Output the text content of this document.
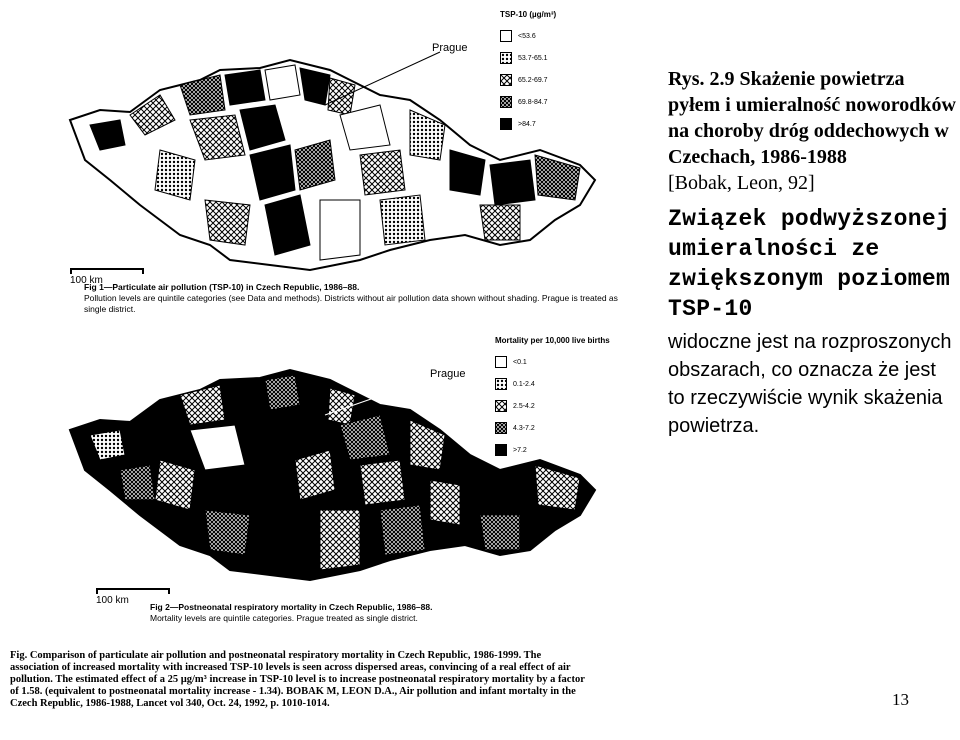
Prague
TSP-10 (µg/m³)
<53.6
53.7-65.1
65.2-69.7
69.8-84.7
>84.7
100 km
Fig 1—Particulate air pollution (TSP-10) in Czech Republic, 1986–88.
Pollution levels are quintile categories (see Data and methods). Districts without air pollution data shown without shading. Prague is treated as single district.
Prague
Mortality per 10,000 live births
<0.1
0.1-2.4
2.5-4.2
4.3-7.2
>7.2
100 km
Fig 2—Postneonatal respiratory mortality in Czech Republic, 1986–88.
Mortality levels are quintile categories. Prague treated as single district.
Fig. Comparison of particulate air pollution and postneonatal respiratory mortality in Czech Republic, 1986-1999. The association of increased mortality with increased TSP-10 levels is seen across dispersed areas, convincing of a real effect of air pollution. The estimated effect of a 25 µg/m³ increase in TSP-10 level is to increase postneonatal respiratory mortality by a factor of 1.58. (equivalent to postneonatal mortality increase - 1.34). BOBAK M, LEON D.A., Air pollution and infant mortalty in the Czech Republic, 1986-1988, Lancet vol 340, Oct. 24, 1992, p. 1010-1014.
Rys. 2.9 Skażenie powietrza pyłem i umieralność noworodków na choroby dróg oddechowych w Czechach, 1986-1988
[Bobak, Leon, 92]
Związek podwyższonej umieralności ze zwiększonym poziomem TSP-10
widoczne jest na rozproszonych obszarach, co oznacza że jest to rzeczywiście wynik skażenia powietrza.
13
